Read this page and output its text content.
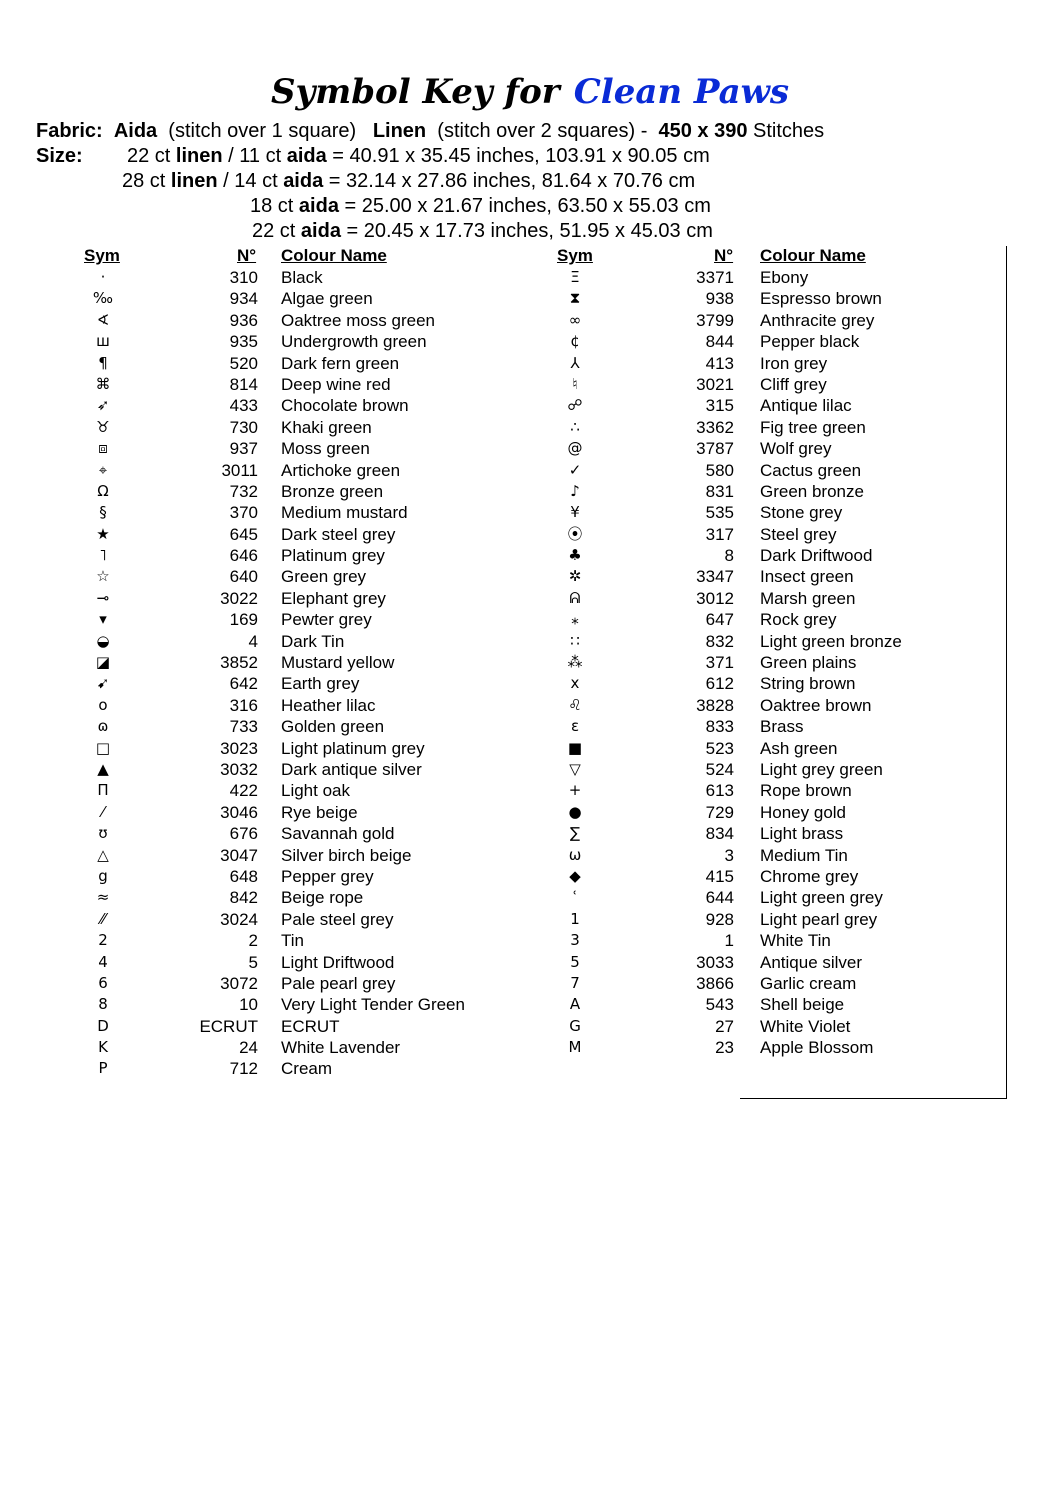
Symbol Key for Clean Paws
Fabric: Aida (stitch over 1 square) Linen (stitch over 2 squares) - 450 x 390 Stitches
Size: 22 ct linen / 11 ct aida = 40.91 x 35.45 inches, 103.91 x 90.05 cm
28 ct linen / 14 ct aida = 32.14 x 27.86 inches, 81.64 x 70.76 cm
18 ct aida = 25.00 x 21.67 inches, 63.50 x 55.03 cm
22 ct aida = 20.45 x 17.73 inches, 51.95 x 45.03 cm
Sym	N° Colour Name	Sym	N° Colour Name
·	310 Black	Ξ	3371 Ebony
‰	934 Algae green	⧗	938 Espresso brown
∢	936 Oaktree moss green	∞	3799 Anthracite grey
ш	935 Undergrowth green	¢	844 Pepper black
¶	520 Dark fern green	⅄	413 Iron grey
⌘	814 Deep wine red	♮	3021 Cliff grey
➶	433 Chocolate brown	☍	315 Antique lilac
♉	730 Khaki green	∴	3362 Fig tree green
⧈	937 Moss green	@	3787 Wolf grey
⌖	3011 Artichoke green	✓	580 Cactus green
Ω	732 Bronze green	♪	831 Green bronze
§	370 Medium mustard	¥	535 Stone grey
★	645 Dark steel grey	⦿	317 Steel grey
˥	646 Platinum grey	♣	8 Dark Driftwood
☆	640 Green grey	✲	3347 Insect green
⊸	3022 Elephant grey	ᕱ	3012 Marsh green
▾	169 Pewter grey	⁎	647 Rock grey
◒	4 Dark Tin	∷	832 Light green bronze
◪	3852 Mustard yellow	⁂	371 Green plains
➹	642 Earth grey	x	612 String brown
o	316 Heather lilac	♌	3828 Oaktree brown
ɷ	733 Golden green	ε	833 Brass
□	3023 Light platinum grey	■	523 Ash green
▲	3032 Dark antique silver	▽	524 Light grey green
Π	422 Light oak	+	613 Rope brown
⁄	3046 Rye beige	●	729 Honey gold
ʊ	676 Savannah gold	∑	834 Light brass
△	3047 Silver birch beige	ω	3 Medium Tin
g	648 Pepper grey	◆	415 Chrome grey
≈	842 Beige rope	ʿ	644 Light green grey
⁄⁄	3024 Pale steel grey	1	928 Light pearl grey
2	2 Tin	3	1 White Tin
4	5 Light Driftwood	5	3033 Antique silver
6	3072 Pale pearl grey	7	3866 Garlic cream
8	10 Very Light Tender Green	A	543 Shell beige
D	ECRUT ECRUT	G	27 White Violet
K	24 White Lavender	M	23 Apple Blossom
P	712 Cream
